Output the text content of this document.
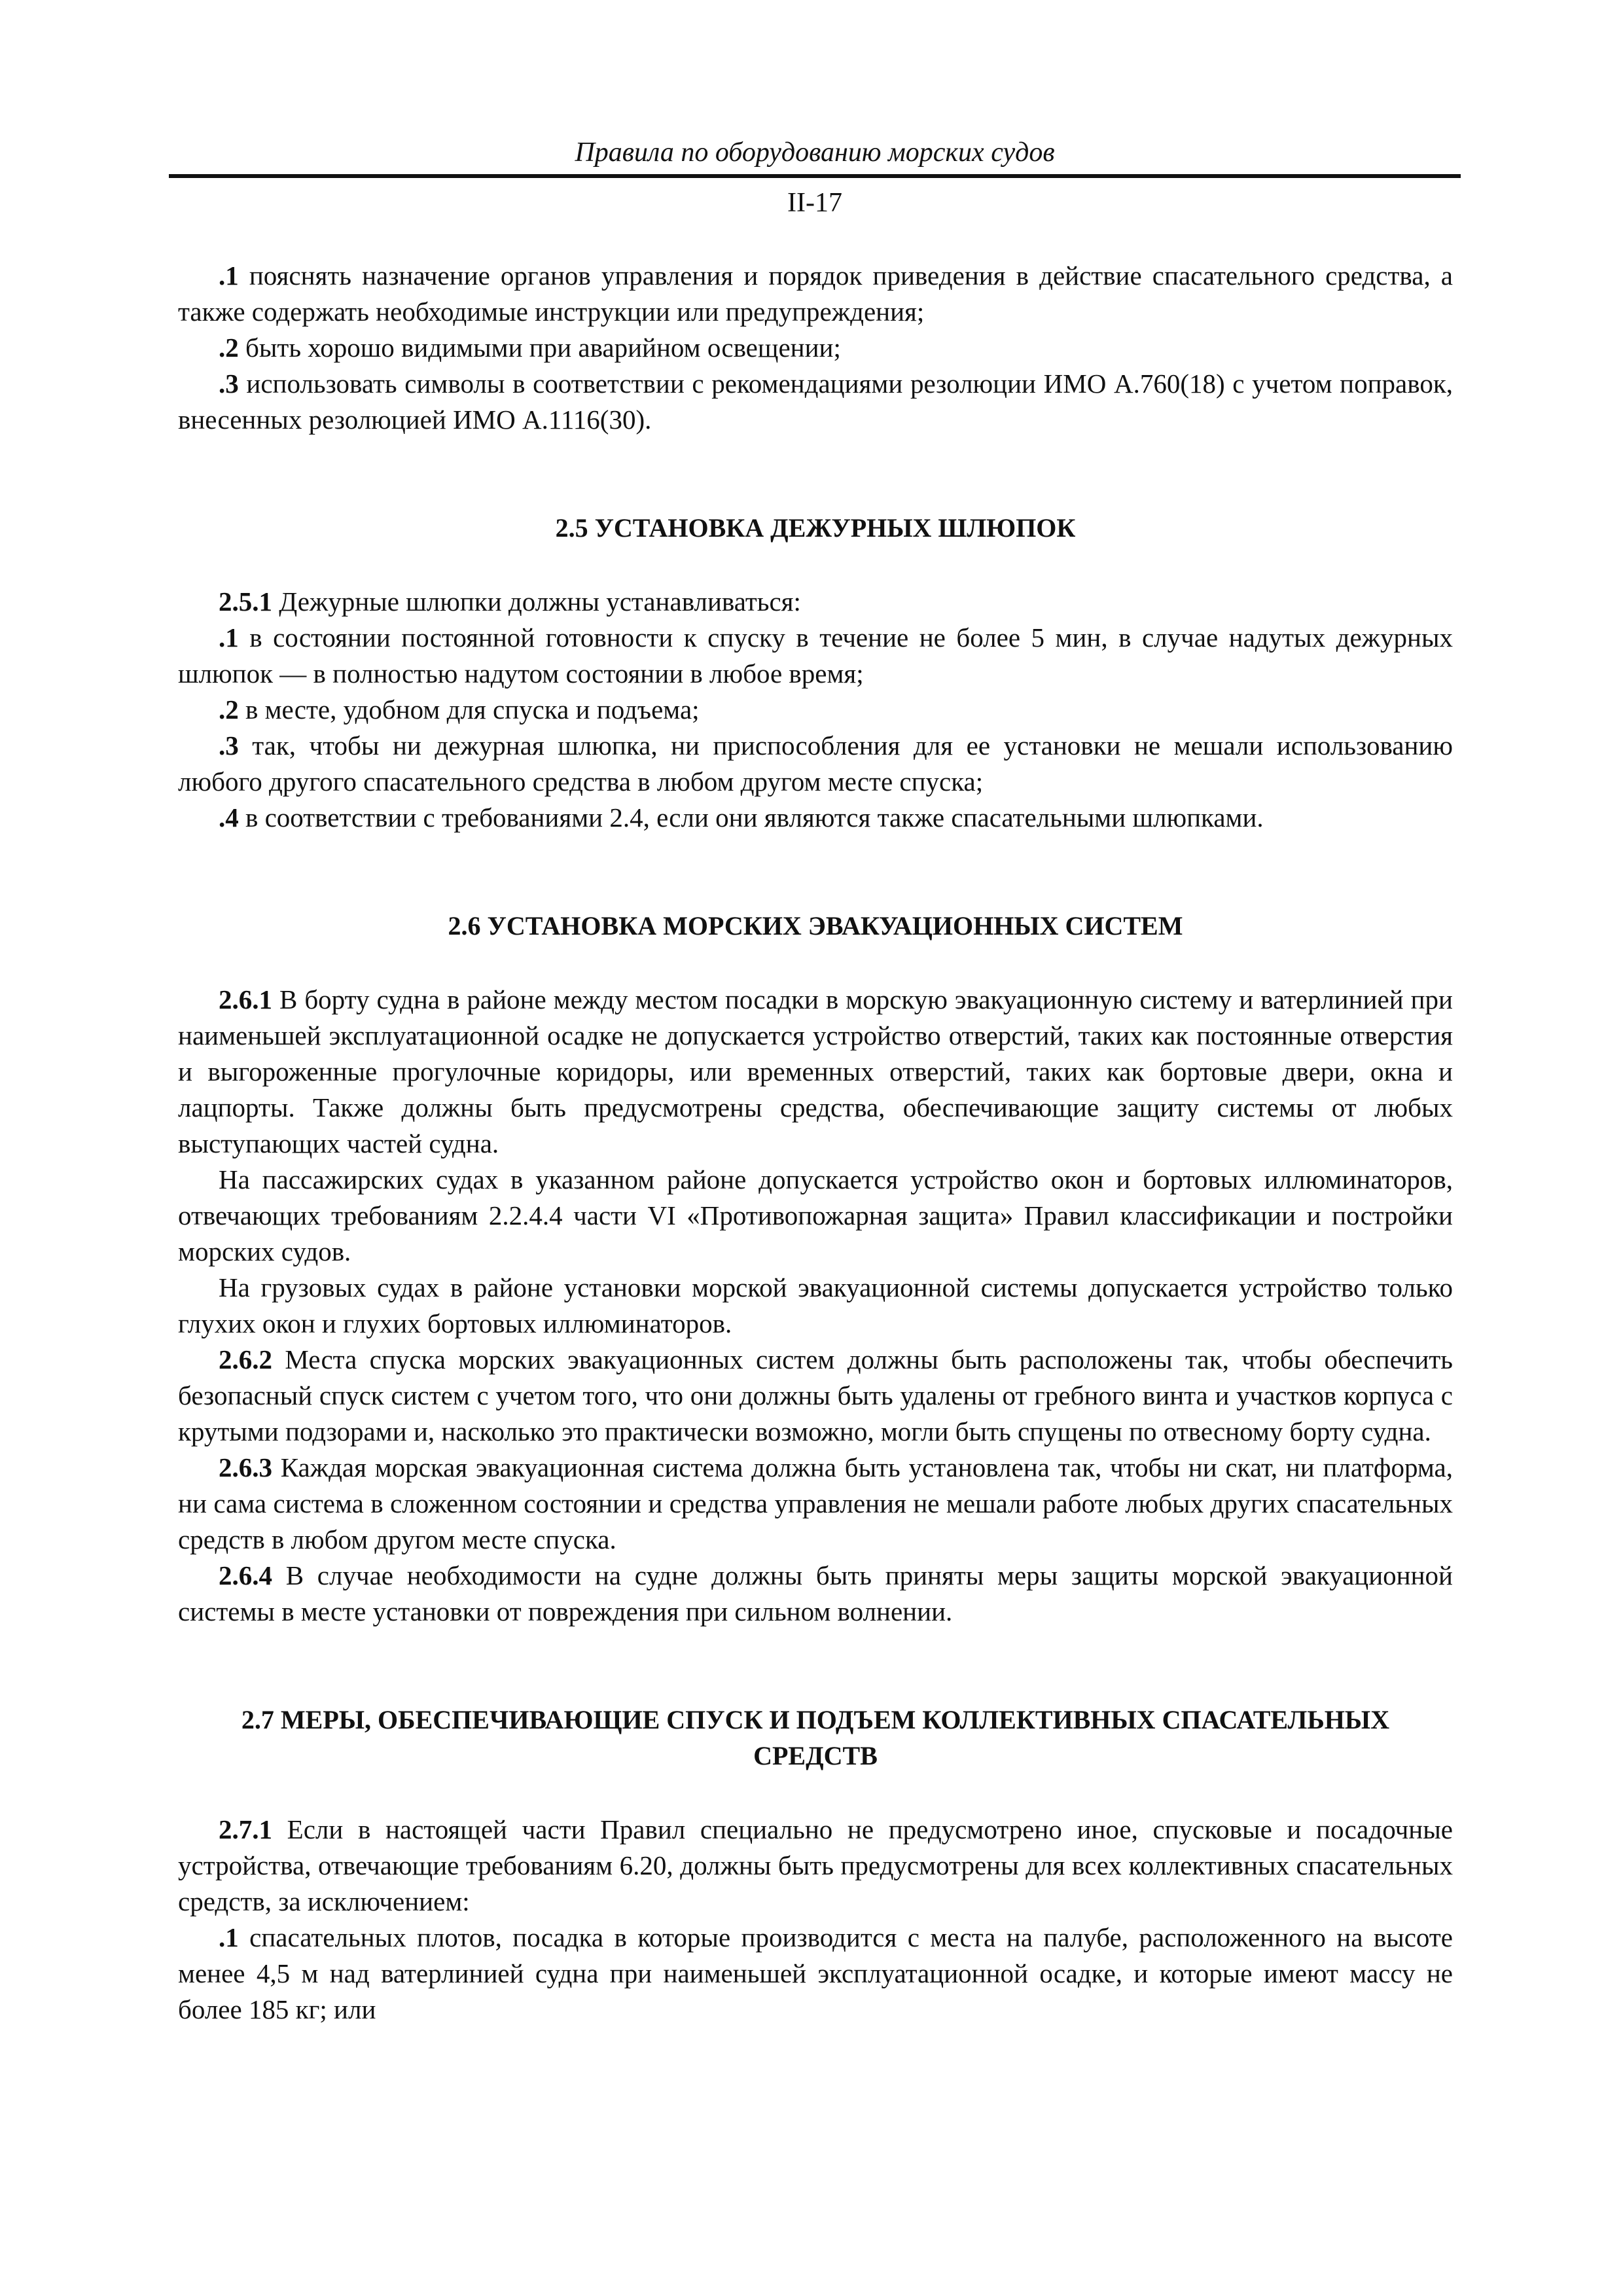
Правила по оборудованию морских судов
II-17

.1 пояснять назначение органов управления и порядок приведения в действие спасательного средства, а также содержать необходимые инструкции или предупреждения;

.2 быть хорошо видимыми при аварийном освещении;

.3 использовать символы в соответствии с рекомендациями резолюции ИМО А.760(18) с учетом поправок, внесенных резолюцией ИМО А.1116(30).

2.5 УСТАНОВКА ДЕЖУРНЫХ ШЛЮПОК

2.5.1 Дежурные шлюпки должны устанавливаться:

.1 в состоянии постоянной готовности к спуску в течение не более 5 мин, в случае надутых дежурных шлюпок — в полностью надутом состоянии в любое время;

.2 в месте, удобном для спуска и подъема;

.3 так, чтобы ни дежурная шлюпка, ни приспособления для ее установки не мешали использованию любого другого спасательного средства в любом другом месте спуска;

.4 в соответствии с требованиями 2.4, если они являются также спасательными шлюпками.

2.6 УСТАНОВКА МОРСКИХ ЭВАКУАЦИОННЫХ СИСТЕМ

2.6.1 В борту судна в районе между местом посадки в морскую эвакуационную систему и ватерлинией при наименьшей эксплуатационной осадке не допускается устройство отверстий, таких как постоянные отверстия и выгороженные прогулочные коридоры, или временных отверстий, таких как бортовые двери, окна и лацпорты. Также должны быть предусмотрены средства, обеспечивающие защиту системы от любых выступающих частей судна.

На пассажирских судах в указанном районе допускается устройство окон и бортовых иллюминаторов, отвечающих требованиям 2.2.4.4 части VI «Противопожарная защита» Правил классификации и постройки морских судов.

На грузовых судах в районе установки морской эвакуационной системы допускается устройство только глухих окон и глухих бортовых иллюминаторов.

2.6.2 Места спуска морских эвакуационных систем должны быть расположены так, чтобы обеспечить безопасный спуск систем с учетом того, что они должны быть удалены от гребного винта и участков корпуса с крутыми подзорами и, насколько это практически возможно, могли быть спущены по отвесному борту судна.

2.6.3 Каждая морская эвакуационная система должна быть установлена так, чтобы ни скат, ни платформа, ни сама система в сложенном состоянии и средства управления не мешали работе любых других спасательных средств в любом другом месте спуска.

2.6.4 В случае необходимости на судне должны быть приняты меры защиты морской эвакуационной системы в месте установки от повреждения при сильном волнении.

2.7 МЕРЫ, ОБЕСПЕЧИВАЮЩИЕ СПУСК И ПОДЪЕМ КОЛЛЕКТИВНЫХ СПАСАТЕЛЬНЫХ
СРЕДСТВ

2.7.1 Если в настоящей части Правил специально не предусмотрено иное, спусковые и посадочные устройства, отвечающие требованиям 6.20, должны быть предусмотрены для всех коллективных спасательных средств, за исключением:

.1 спасательных плотов, посадка в которые производится с места на палубе, расположенного на высоте менее 4,5 м над ватерлинией судна при наименьшей эксплуатационной осадке, и которые имеют массу не более 185 кг; или
